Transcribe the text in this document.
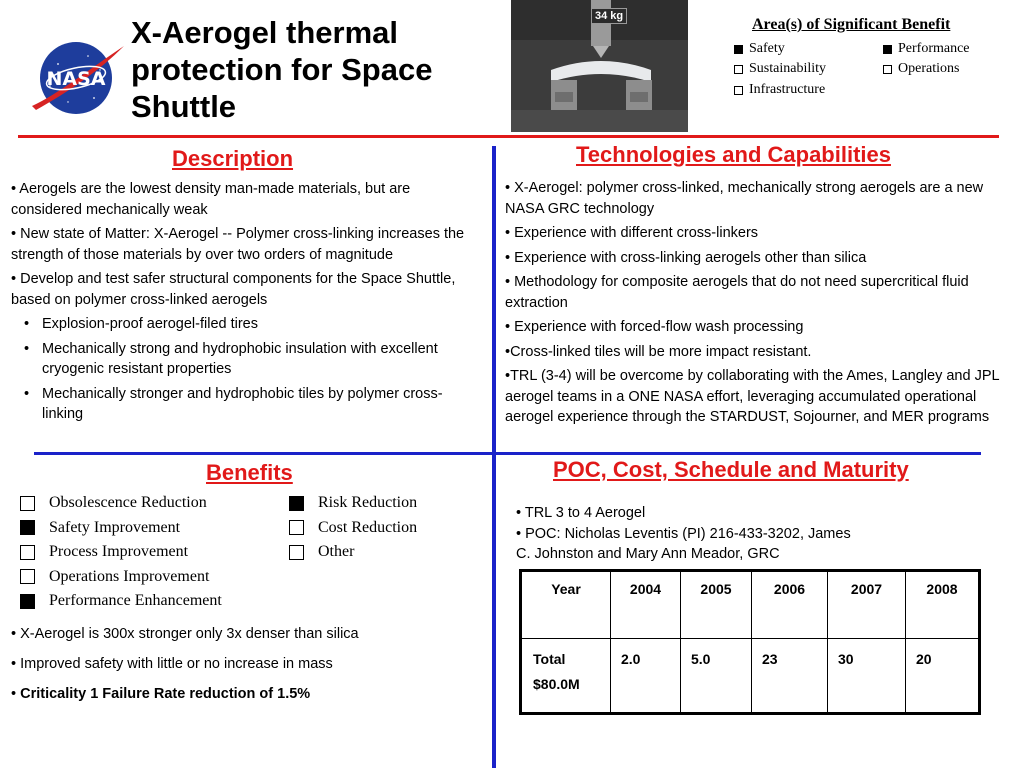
NASA
X-Aerogel thermal protection for Space Shuttle
34 kg	Area(s) of Significant Benefit
Safety	Performance
Sustainability	Operations
Infrastructure
Description

• Aerogels are the lowest density man-made materials, but are considered mechanically weak

• New state of Matter: X-Aerogel -- Polymer cross-linking increases the strength of those materials by over two orders of magnitude

• Develop and test safer structural components for the Space Shuttle, based on polymer cross-linked aerogels

• Explosion-proof aerogel-filed tires
• Mechanically strong and hydrophobic insulation with excellent cryogenic resistant properties
• Mechanically stronger and hydrophobic tiles by polymer cross-linking
Technologies and Capabilities

• X-Aerogel: polymer cross-linked, mechanically strong aerogels are a new NASA GRC technology

• Experience with different cross-linkers

• Experience with cross-linking aerogels other than silica

• Methodology for composite aerogels that do not need supercritical fluid extraction

• Experience with forced-flow wash processing

•Cross-linked tiles will be more impact resistant.

•TRL (3-4) will be overcome by collaborating with the Ames, Langley and JPL aerogel teams in a ONE NASA effort, leveraging accumulated operational aerogel experience through the STARDUST, Sojourner, and MER programs

Benefits
Obsolescence Reduction
Safety Improvement
Process Improvement
Operations Improvement
Performance Enhancement
Risk Reduction
Cost Reduction
Other
• X-Aerogel is 300x stronger only 3x denser than silica
• Improved safety with little or no increase in mass
• Criticality 1 Failure Rate reduction of 1.5%
POC, Cost, Schedule and Maturity
• TRL 3 to 4 Aerogel
• POC: Nicholas Leventis (PI) 216-433-3202, James
C. Johnston and Mary Ann Meador, GRC
Year	2004	2005	2006	2007	2008

Total
$80.0M	2.0	5.0	23	30	20
